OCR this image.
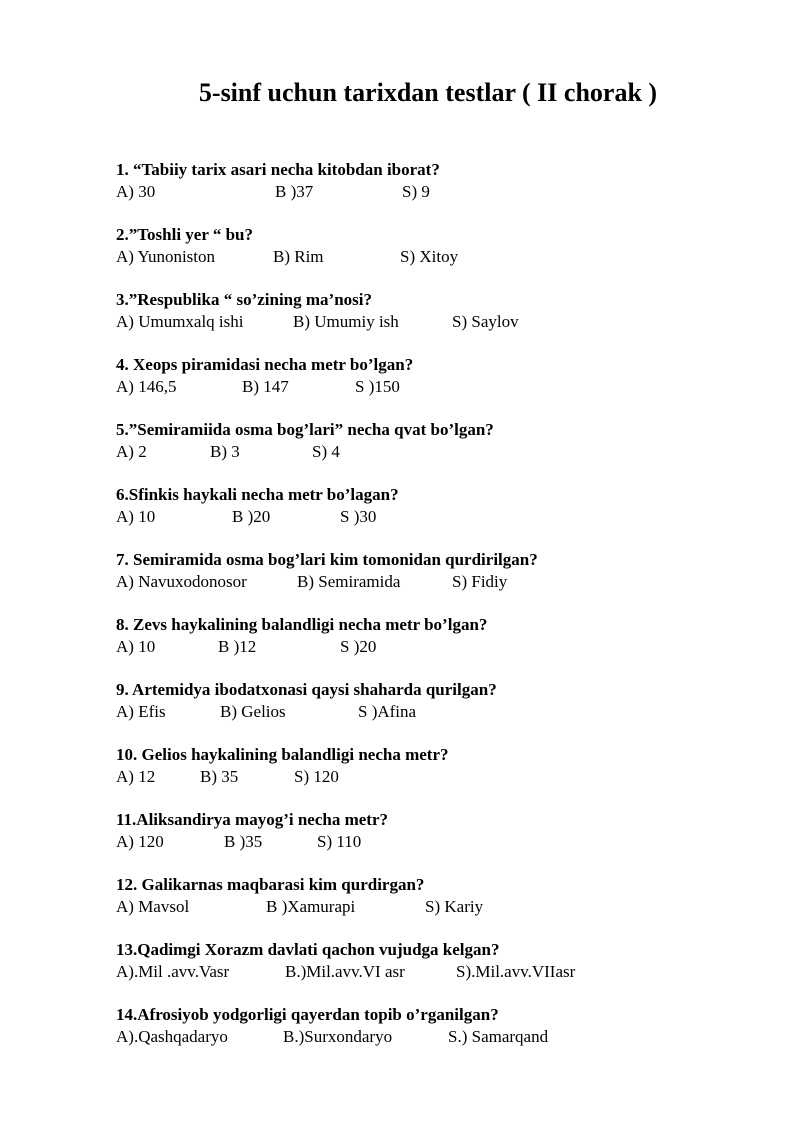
5-sinf uchun tarixdan testlar ( II chorak )
1. “Tabiiy tarix asari necha kitobdan iborat?
A) 30	B )37	S) 9
2.”Toshli yer “ bu?
A) Yunoniston	B) Rim	S) Xitoy
3.”Respublika “ so’zining ma’nosi?
A) Umumxalq ishi	B) Umumiy ish	S) Saylov
4. Xeops piramidasi necha metr bo’lgan?
A) 146,5	B) 147	S )150
5.”Semiramiida osma bog’lari” necha qvat bo’lgan?
A) 2	B) 3	S) 4
6.Sfinkis haykali necha metr bo’lagan?
A) 10	B )20	S )30
7. Semiramida osma bog’lari kim tomonidan qurdirilgan?
A) Navuxodonosor	B) Semiramida	S) Fidiy
8. Zevs haykalining balandligi necha metr bo’lgan?
A) 10	B )12	S )20
9. Artemidya ibodatxonasi qaysi shaharda qurilgan?
A) Efis	B) Gelios	S )Afina
10. Gelios haykalining balandligi necha metr?
A) 12	B) 35	S) 120
11.Aliksandirya mayog’i necha metr?
A) 120	B )35	S) 110
12. Galikarnas maqbarasi kim qurdirgan?
A) Mavsol	B )Xamurapi	S) Kariy
13.Qadimgi Xorazm davlati qachon vujudga kelgan?
A).Mil .avv.Vasr	B.)Mil.avv.VI asr	S).Mil.avv.VIIasr
14.Afrosiyob yodgorligi qayerdan topib o’rganilgan?
A).Qashqadaryo	B.)Surxondaryo	S.) Samarqand
